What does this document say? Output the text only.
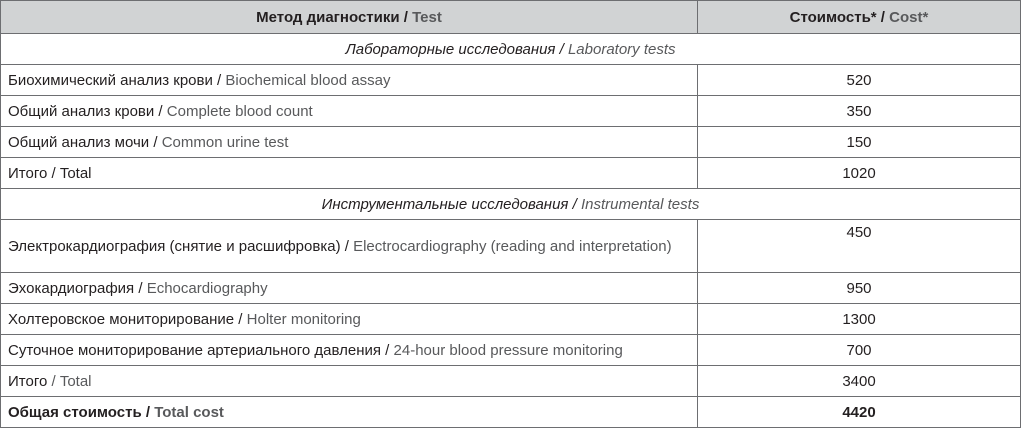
Метод диагностики / Test	Стоимость* / Cost*
Лабораторные исследования / Laboratory tests	
Биохимический анализ крови / Biochemical blood assay	520
Общий анализ крови / Complete blood count	350
Общий анализ мочи / Common urine test	150
Итого / Total	1020
Инструментальные исследования / Instrumental tests	
Электрокардиография (снятие и расшифровка) / Electrocardiography (reading and interpretation)	450
Эхокардиография / Echocardiography	950
Холтеровское мониторирование / Holter monitoring	1300
Суточное мониторирование артериального давления / 24-hour blood pressure monitoring	700
Итого / Total	3400
Общая стоимость / Total cost	4420
